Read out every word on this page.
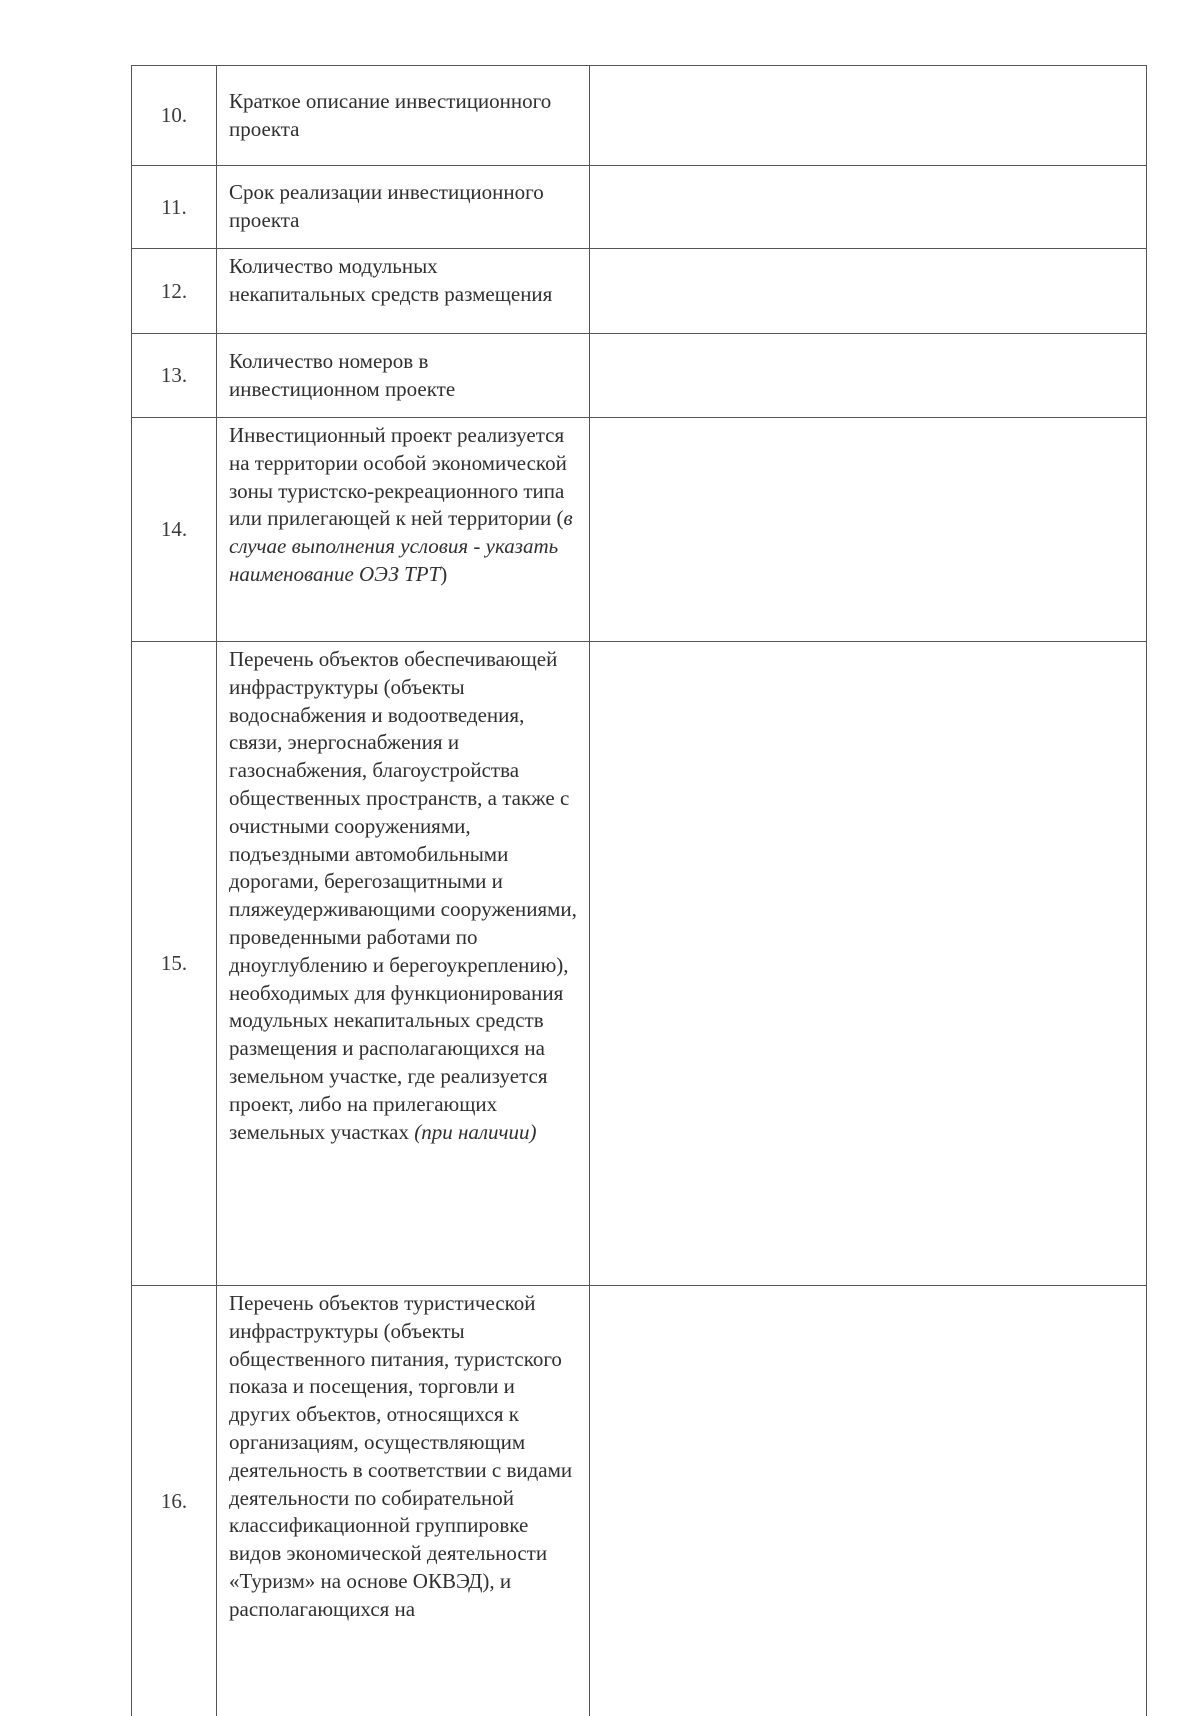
10.
Краткое описание инвестиционного проекта
11.
Срок реализации инвестиционного проекта
12.
Количество модульных некапитальных средств размещения
13.
Количество номеров в инвестиционном проекте
14.
Инвестиционный проект реализуется на территории особой экономической зоны туристско-рекреационного типа или прилегающей к ней территории (в случае выполнения условия - указать наименование ОЭЗ ТРТ)
15.
Перечень объектов обеспечивающей инфраструктуры (объекты водоснабжения и водоотведения, связи, энергоснабжения и газоснабжения, благоустройства общественных пространств, а также с очистными сооружениями, подъездными автомобильными дорогами, берегозащитными и пляжеудерживающими сооружениями, проведенными работами по дноуглублению и берегоукреплению), необходимых для функционирования модульных некапитальных средств размещения и располагающихся на земельном участке, где реализуется проект, либо на прилегающих земельных участках (при наличии)
16.
Перечень объектов туристической инфраструктуры (объекты общественного питания, туристского показа и посещения, торговли и других объектов, относящихся к организациям, осуществляющим деятельность в соответствии с видами деятельности по собирательной классификационной группировке видов экономической деятельности «Туризм» на основе ОКВЭД), и располагающихся на
